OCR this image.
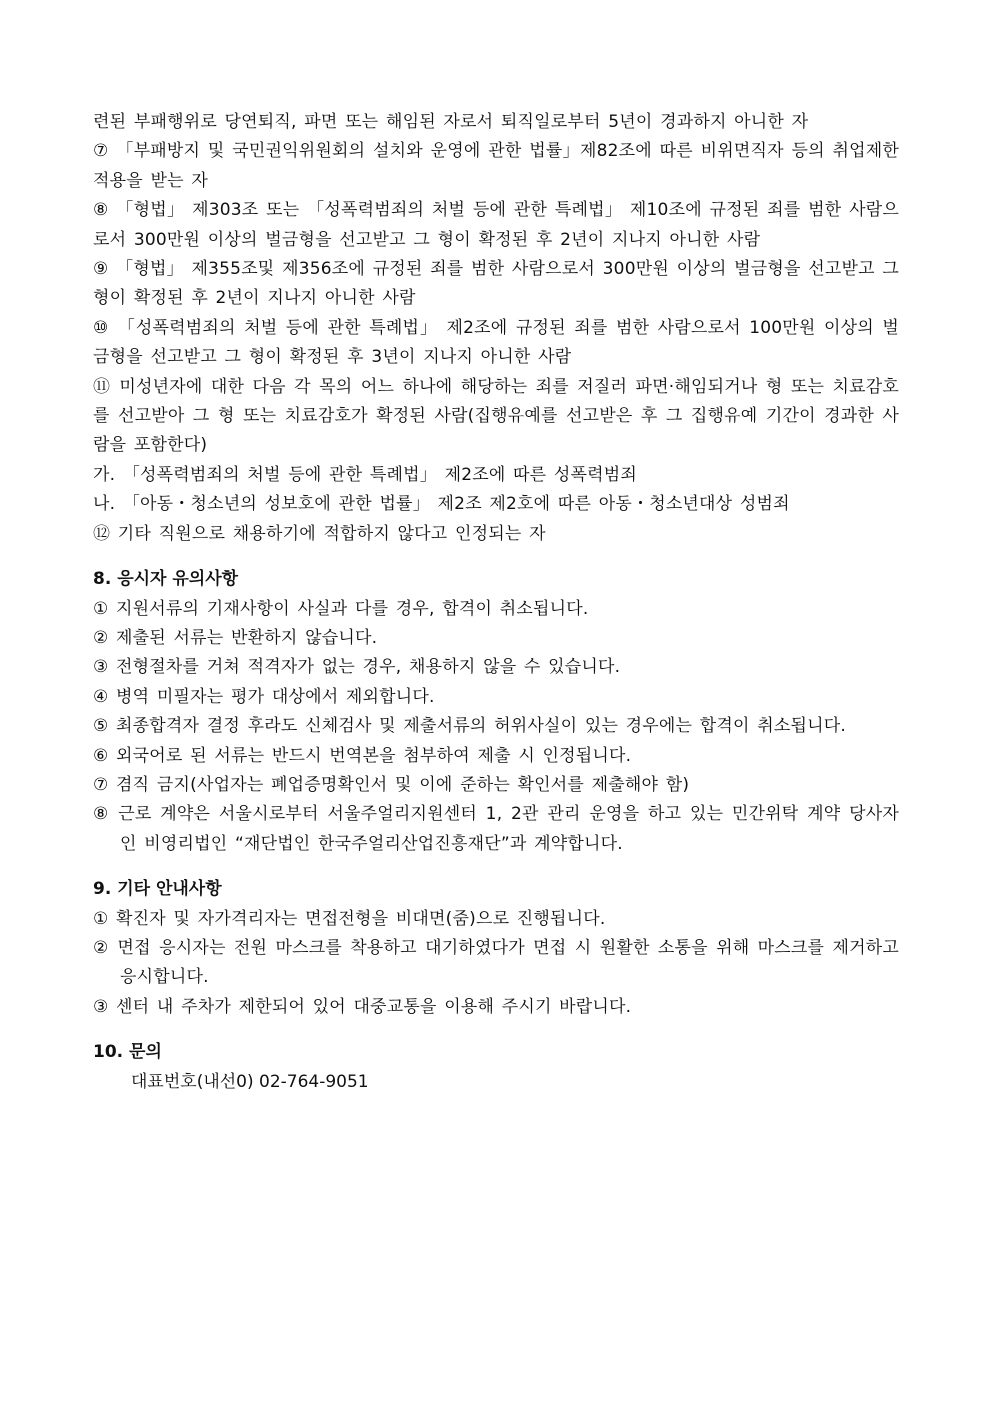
련된 부패행위로 당연퇴직, 파면 또는 해임된 자로서 퇴직일로부터 5년이 경과하지 아니한 자
⑦ 「부패방지 및 국민권익위원회의 설치와 운영에 관한 법률」제82조에 따른 비위면직자 등의 취업제한 적용을 받는 자
⑧ 「형법」 제303조 또는 「성폭력범죄의 처벌 등에 관한 특례법」 제10조에 규정된 죄를 범한 사람으로서 300만원 이상의 벌금형을 선고받고 그 형이 확정된 후 2년이 지나지 아니한 사람
⑨ 「형법」 제355조및 제356조에 규정된 죄를 범한 사람으로서 300만원 이상의 벌금형을 선고받고 그 형이 확정된 후 2년이 지나지 아니한 사람
⑩ 「성폭력범죄의 처벌 등에 관한 특례법」 제2조에 규정된 죄를 범한 사람으로서 100만원 이상의 벌금형을 선고받고 그 형이 확정된 후 3년이 지나지 아니한 사람
⑪ 미성년자에 대한 다음 각 목의 어느 하나에 해당하는 죄를 저질러 파면·해임되거나 형 또는 치료감호를 선고받아 그 형 또는 치료감호가 확정된 사람(집행유예를 선고받은 후 그 집행유예 기간이 경과한 사람을 포함한다)
가. 「성폭력범죄의 처벌 등에 관한 특례법」 제2조에 따른 성폭력범죄
나. 「아동・청소년의 성보호에 관한 법률」 제2조 제2호에 따른 아동・청소년대상 성범죄
⑫ 기타 직원으로 채용하기에 적합하지 않다고 인정되는 자
8. 응시자 유의사항
① 지원서류의 기재사항이 사실과 다를 경우, 합격이 취소됩니다.
② 제출된 서류는 반환하지 않습니다.
③ 전형절차를 거쳐 적격자가 없는 경우, 채용하지 않을 수 있습니다.
④ 병역 미필자는 평가 대상에서 제외합니다.
⑤ 최종합격자 결정 후라도 신체검사 및 제출서류의 허위사실이 있는 경우에는 합격이 취소됩니다.
⑥ 외국어로 된 서류는 반드시 번역본을 첨부하여 제출 시 인정됩니다.
⑦ 겸직 금지(사업자는 폐업증명확인서 및 이에 준하는 확인서를 제출해야 함)
⑧ 근로 계약은 서울시로부터 서울주얼리지원센터 1, 2관 관리 운영을 하고 있는 민간위탁 계약 당사자인 비영리법인 “재단법인 한국주얼리산업진흥재단”과 계약합니다.
9. 기타 안내사항
① 확진자 및 자가격리자는 면접전형을 비대면(줌)으로 진행됩니다.
② 면접 응시자는 전원 마스크를 착용하고 대기하였다가 면접 시 원활한 소통을 위해 마스크를 제거하고 응시합니다.
③ 센터 내 주차가 제한되어 있어 대중교통을 이용해 주시기 바랍니다.
10. 문의
대표번호(내선0) 02-764-9051
